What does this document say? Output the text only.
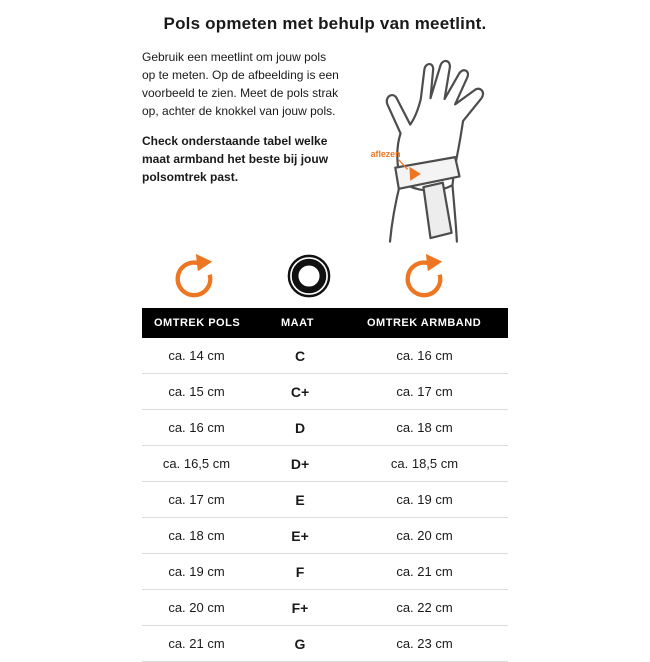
Pols opmeten met behulp van meetlint.

Gebruik een meetlint om jouw pols op te meten. Op de afbeelding is een voorbeeld te zien. Meet de pols strak op, achter de knokkel van jouw pols.

Check onderstaande tabel welke maat armband het beste bij jouw polsomtrek past.

aflezen
OMTREK POLS	MAAT	OMTREK ARMBAND
ca. 14 cm	C	ca. 16 cm
ca. 15 cm	C+	ca. 17 cm
ca. 16 cm	D	ca. 18 cm
ca. 16,5 cm	D+	ca. 18,5 cm
ca. 17 cm	E	ca. 19 cm
ca. 18 cm	E+	ca. 20 cm
ca. 19 cm	F	ca. 21 cm
ca. 20 cm	F+	ca. 22 cm
ca. 21 cm	G	ca. 23 cm
